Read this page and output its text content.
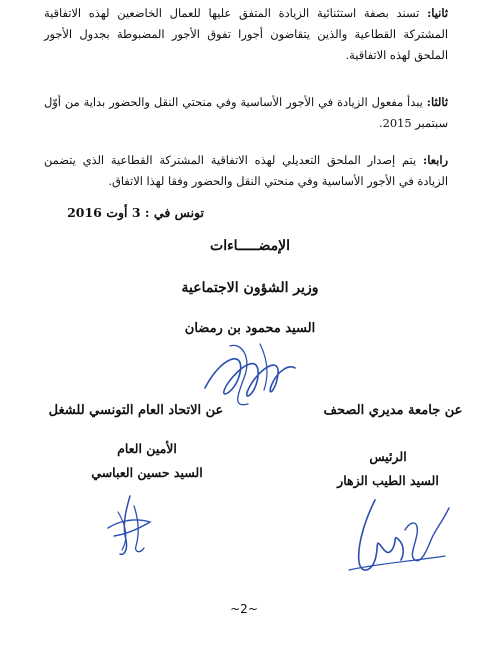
ثانيا: تسند بصفة استثنائية الزيادة المتفق عليها للعمال الخاضعين لهذه الاتفاقية المشتركة القطاعية والذين يتقاضون أجورا تفوق الأجور المضبوطة بجدول الأجور الملحق لهذه الاتفاقية.
ثالثا: يبدأ مفعول الزيادة في الأجور الأساسية وفي منحتي النقل والحضور بداية من أوّل سبتمبر 2015.
رابعا: يتم إصدار الملحق التعديلي لهذه الاتفاقية المشتركة القطاعية الذي يتضمن الزيادة في الأجور الأساسية وفي منحتي النقل والحضور وفقا لهذا الاتفاق.
تونس في : 3 أوت 2016
الإمضـــــاءات
وزير الشؤون الاجتماعية
السيد محمود بن رمضان
عن الاتحاد العام التونسي للشغل	عن جامعة مديري الصحف
الأمين العام
السيد حسين العباسي
الرئيس
السيد الطيب الزهار
~2~
